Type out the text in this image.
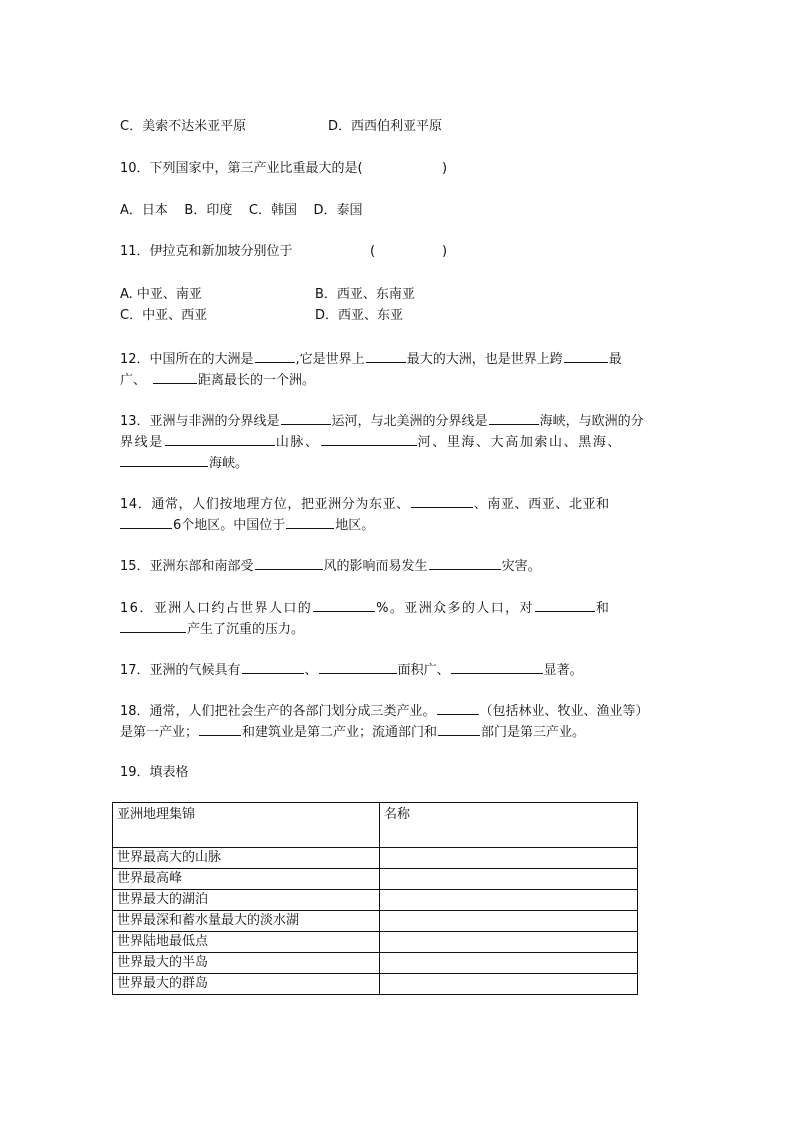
C．美索不达米亚平原	D．西西伯利亚平原
10．下列国家中，第三产业比重最大的是(	)
A．日本    B．印度    C．韩国    D．泰国
11．伊拉克和新加坡分别位于	(	)
A. 中亚、南亚	B．西亚、东南亚
C．中亚、西亚	D．西亚、东亚
12．中国所在的大洲是	,它是世界上	最大的大洲，也是世界上跨	最
广、	距离最长的一个洲。
13．亚洲与非洲的分界线是	运河，与北美洲的分界线是	海峡，与欧洲的分
界线是	山脉、	河、里海、大高加索山、黑海、
海峡。
14．通常，人们按地理方位，把亚洲分为东亚、	、南亚、西亚、北亚和
6个地区。中国位于	地区。
15．亚洲东部和南部受	风的影响而易发生	灾害。
16．亚洲人口约占世界人口的	%。亚洲众多的人口，对	和
产生了沉重的压力。
17．亚洲的气候具有	、	面积广、	显著。
18．通常，人们把社会生产的各部门划分成三类产业。	（包括林业、牧业、渔业等）
是第一产业；	和建筑业是第二产业；流通部门和	部门是第三产业。
19．填表格
亚洲地理集锦	名称
世界最高大的山脉	
世界最高峰	
世界最大的湖泊	
世界最深和蓄水量最大的淡水湖	
世界陆地最低点	
世界最大的半岛	
世界最大的群岛	
